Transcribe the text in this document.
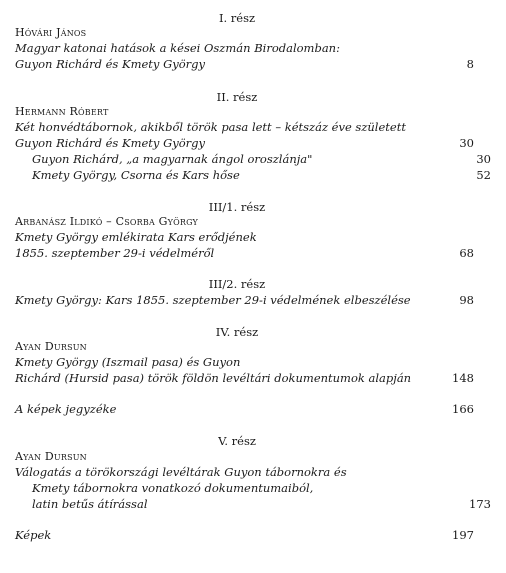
I. rész
Hóvári János
Magyar katonai hatások a kései Oszmán Birodalomban:
Guyon Richárd és Kmety György	8
II. rész
Hermann Róbert
Két honvédtábornok, akikből török pasa lett – kétszáz éve született
Guyon Richárd és Kmety György	30
Guyon Richárd, „a magyarnak ángol oroszlánja"	30
Kmety György, Csorna és Kars hőse	52
III/1. rész
Arbanász Ildikó – Csorba György
Kmety György emlékirata Kars erődjének
1855. szeptember 29-i védelméről	68
III/2. rész
Kmety György: Kars 1855. szeptember 29-i védelmének elbeszélése	98
IV. rész
Ayan Dursun
Kmety György (Iszmail pasa) és Guyon
Richárd (Hursid pasa) török földön levéltári dokumentumok alapján	148
A képek jegyzéke	166
V. rész
Ayan Dursun
Válogatás a törökországi levéltárak Guyon tábornokra és
Kmety tábornokra vonatkozó dokumentumaiból,
latin betűs átírással	173
Képek	197
